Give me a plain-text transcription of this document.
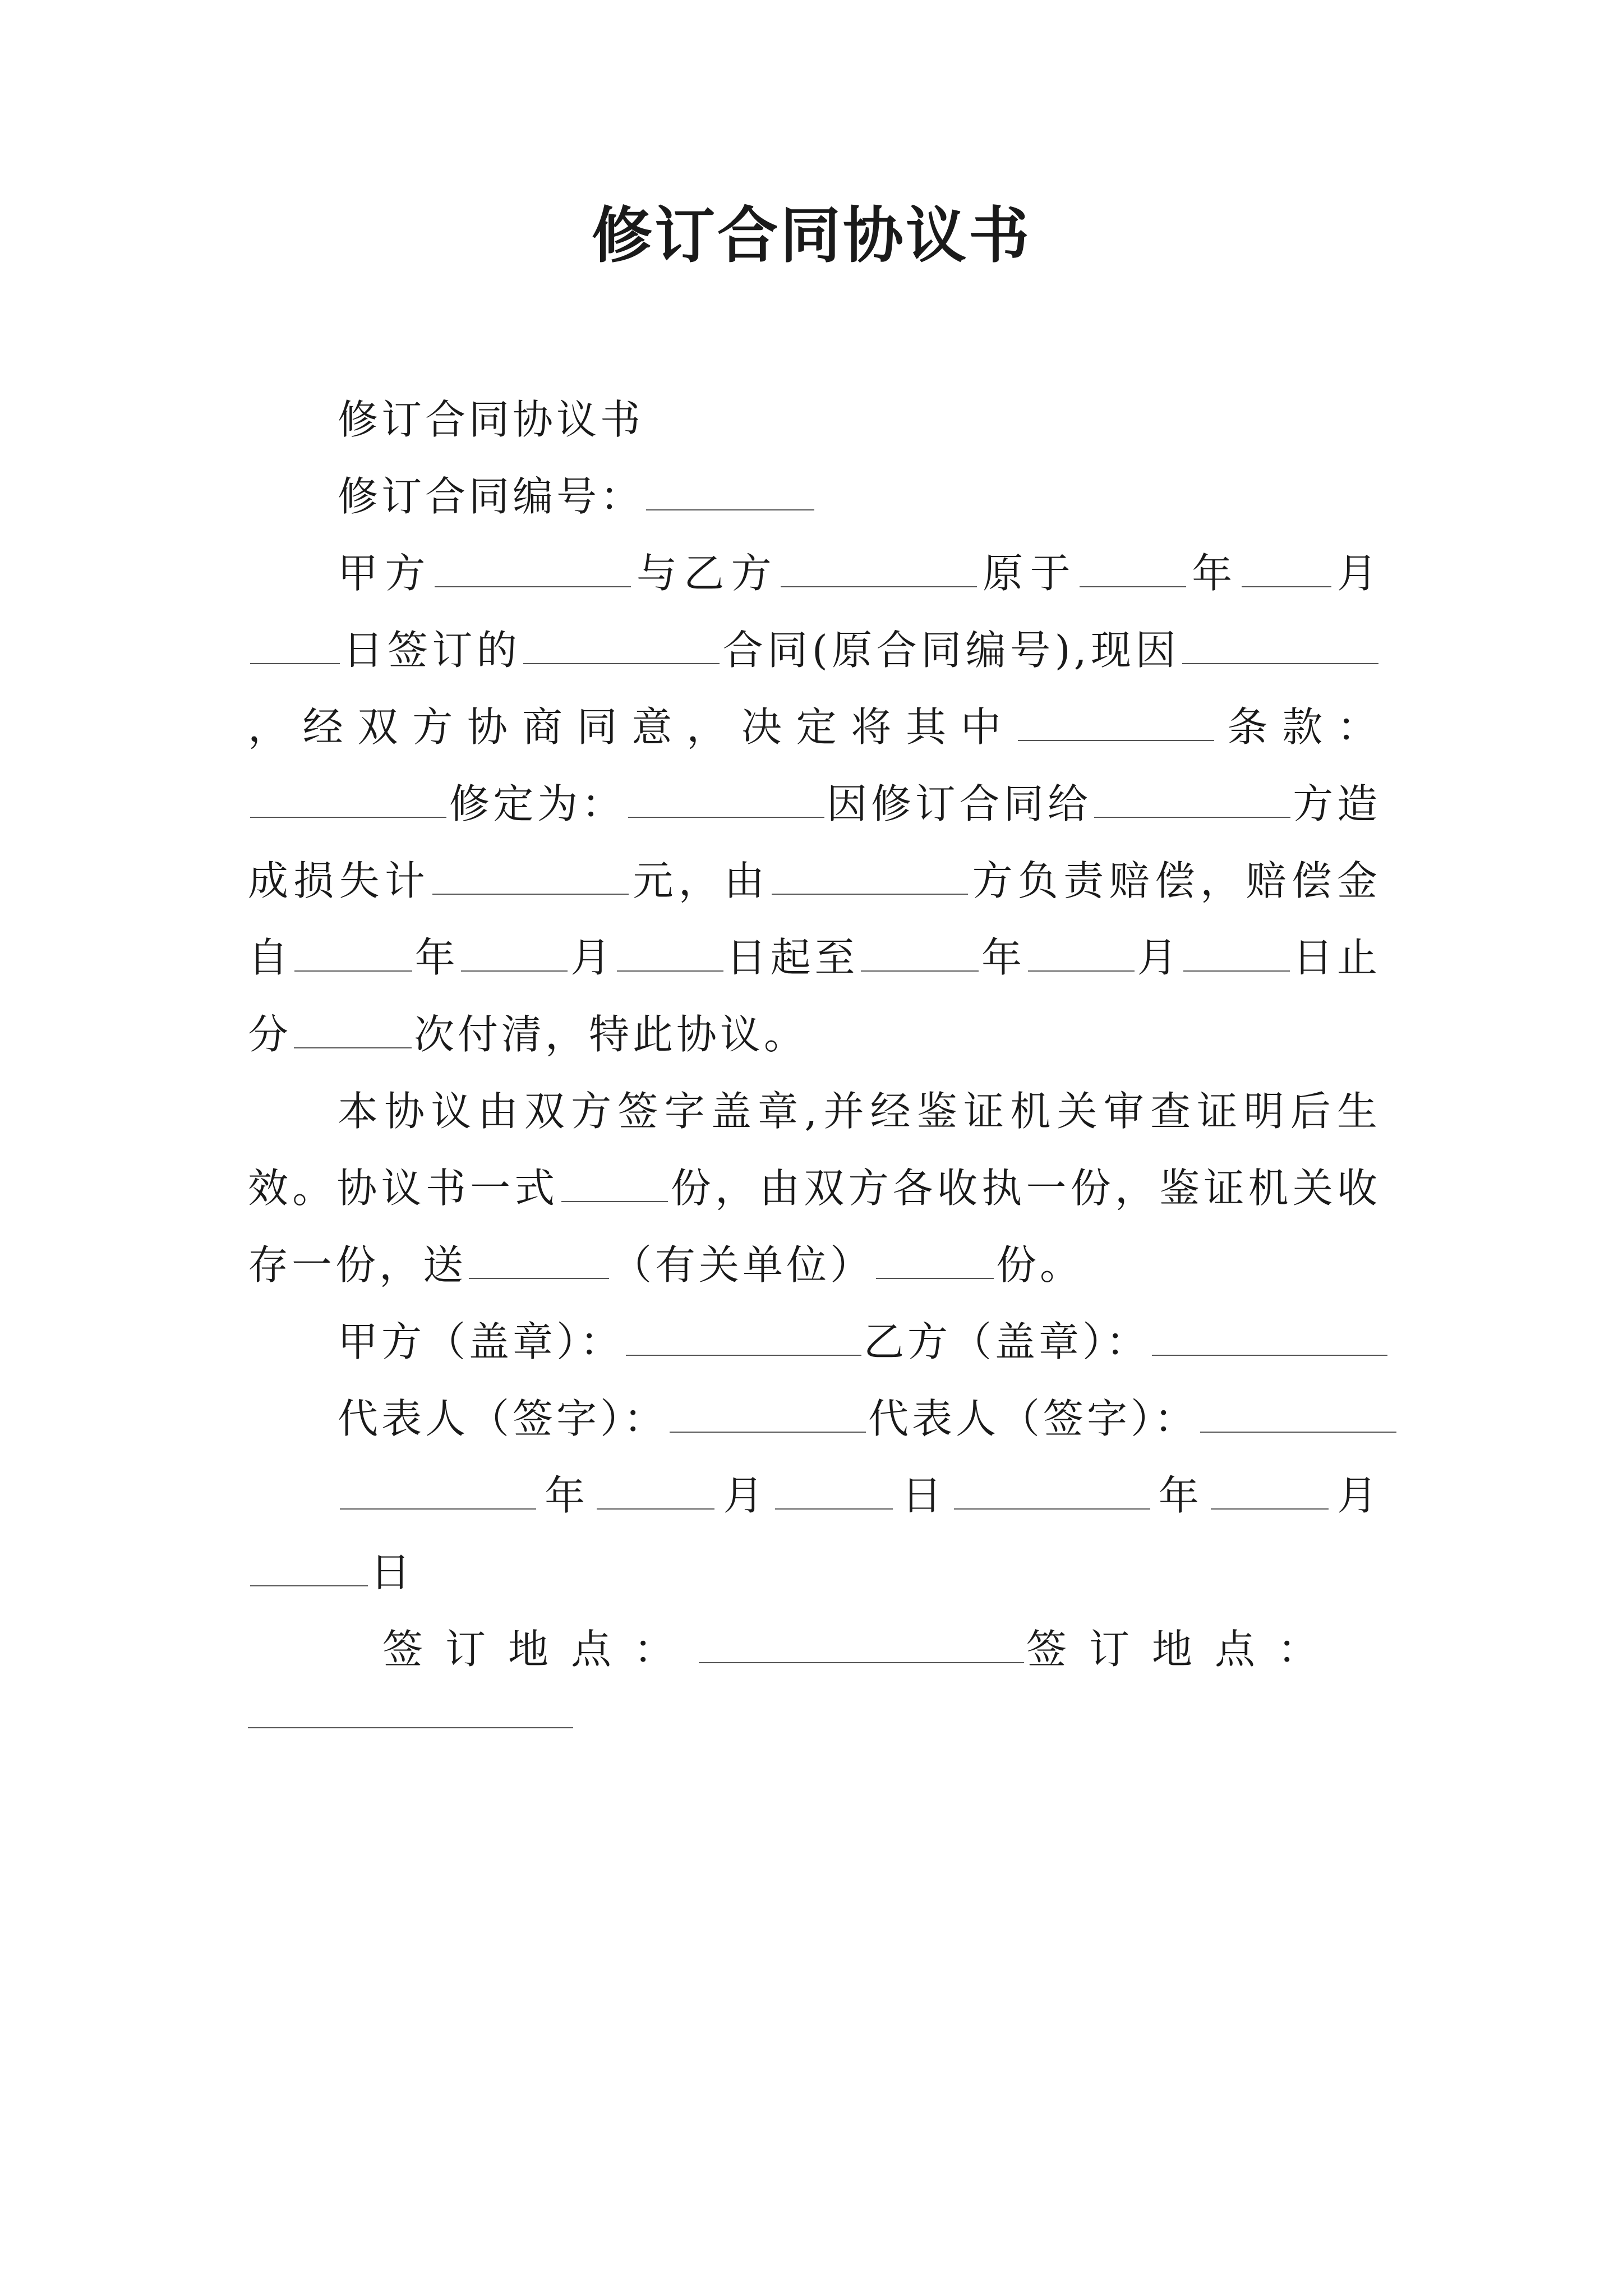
修订合同协议书

修订合同协议书

修订合同编号：

甲方	与乙方	原于	年 月日签订的	合同(原合同编号),现因，经双方协商同意，决定将其中	条款：修定为：	因修订合同给	方造成损失计	元，由	方负责赔偿，赔偿金自	年	月	日起至	年	月	日止分	次付清，特此协议。

本协议由双方签字盖章,并经鉴证机关审查证明后生效。协议书一式	份，由双方各收执一份，鉴证机关收存一份，送	（有关单位）	份。

甲方（盖章）：	乙方（盖章）：

代表人（签字）：	代表人（签字）：

年	月	日	年	月日

签订地点：	签订地点：
